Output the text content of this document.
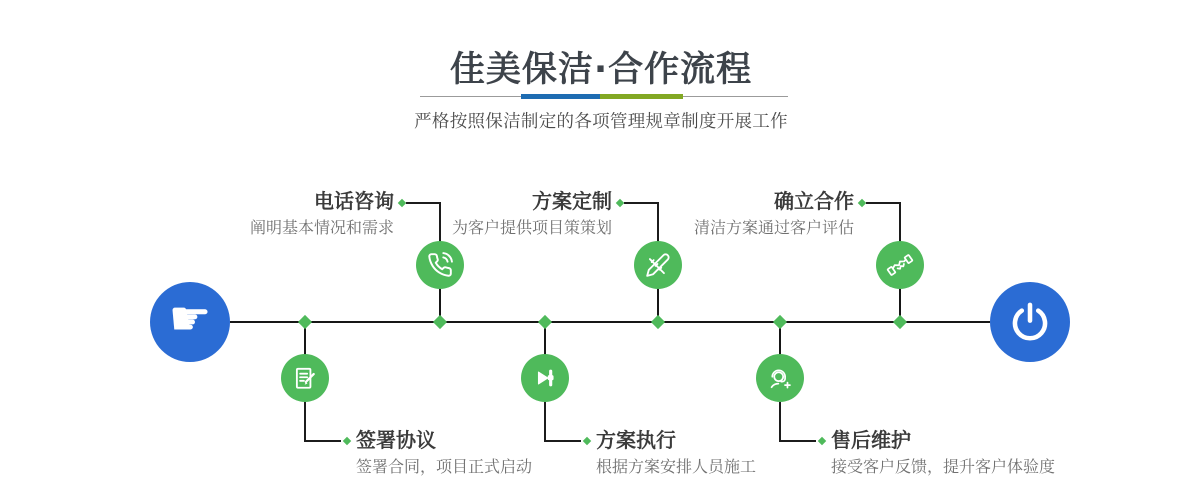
佳美保洁·合作流程
严格按照保洁制定的各项管理规章制度开展工作
电话咨询
阐明基本情况和需求
方案定制
为客户提供项目策策划
确立合作
清洁方案通过客户评估
签署协议
签署合同，项目正式启动
方案执行
根据方案安排人员施工
售后维护
接受客户反馈，提升客户体验度
☛
